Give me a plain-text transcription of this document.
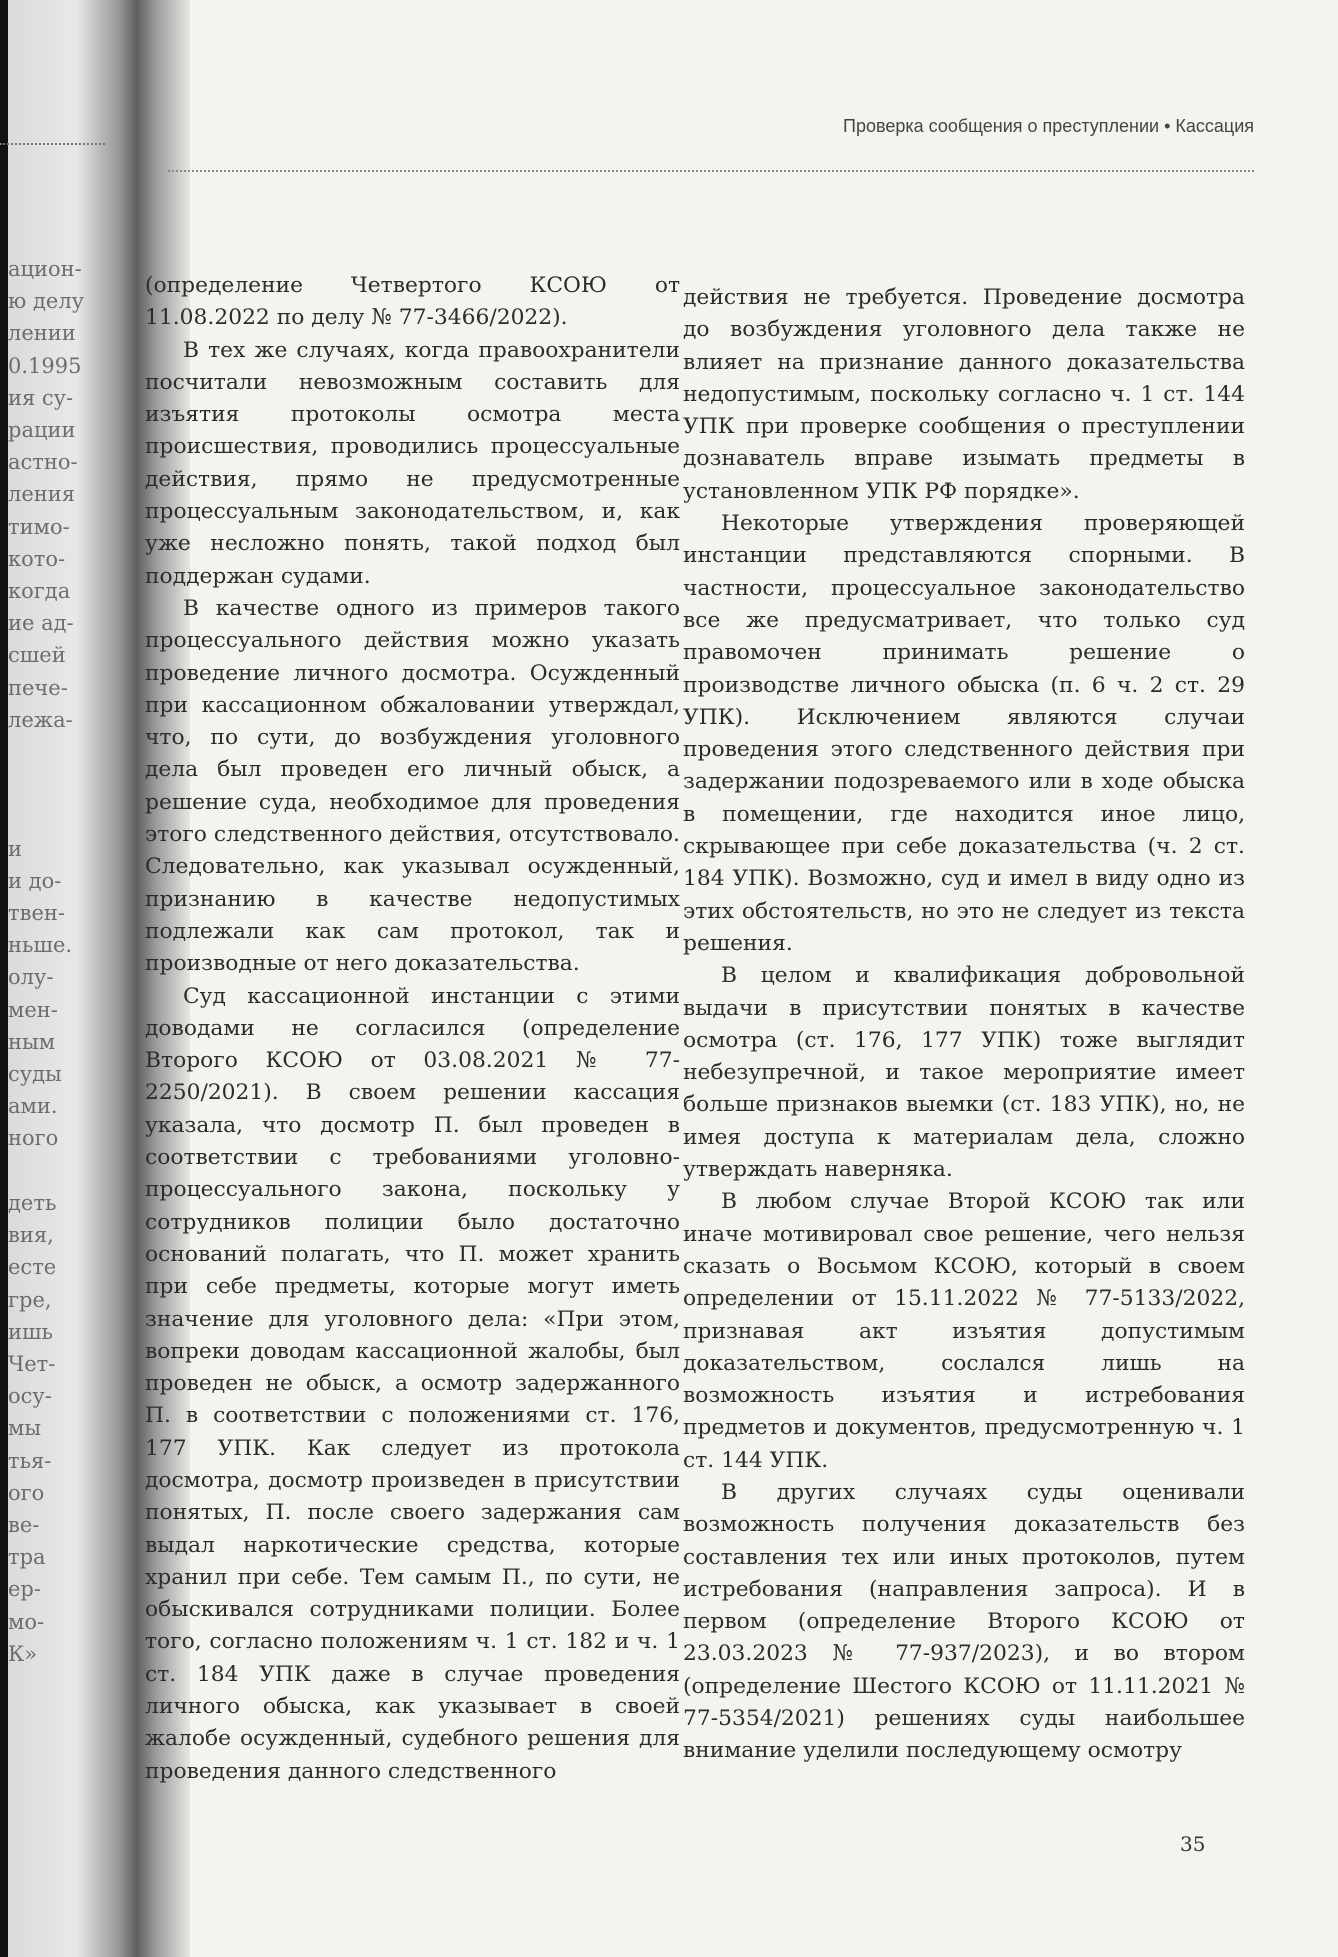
Проверка сообщения о преступлении • Кассация
ацион-
ю делу
лении
0.1995
ия су-
рации
астно-
ления
тимо-
кото-
когда
ие ад-
сшей
пече-
лежа-

и
и до-
твен-
ньше.
олу-
мен-
ным
суды
ами.
ного

деть
вия,
есте
гре,
ишь
Чет-
осу-
мы
тья-
ого
ве-
тра
ер-
мо-
К»

(определение Четвертого КСОЮ от 11.08.2022 по делу № 77-3466/2022).

В тех же случаях, когда правоохранители посчитали невозможным составить для изъятия протоколы осмотра места происшествия, проводились процессуальные действия, прямо не предусмотренные процессуальным законодательством, и, как уже несложно понять, такой подход был поддержан судами.

В качестве одного из примеров такого процессуального действия можно указать проведение личного досмотра. Осужденный при кассационном обжаловании утверждал, что, по сути, до возбуждения уголовного дела был проведен его личный обыск, а решение суда, необходимое для проведения этого следственного действия, отсутствовало. Следовательно, как указывал осужденный, признанию в качестве недопустимых подлежали как сам протокол, так и производные от него доказательства.

Суд кассационной инстанции с этими доводами не согласился (определение Второго КСОЮ от 03.08.2021 № 77-2250/2021). В своем решении кассация указала, что досмотр П. был проведен в соответствии с требованиями уголовно-процессуального закона, поскольку у сотрудников полиции было достаточно оснований полагать, что П. может хранить при себе предметы, которые могут иметь значение для уголовного дела: «При этом, вопреки доводам кассационной жалобы, был проведен не обыск, а осмотр задержанного П. в соответствии с положениями ст. 176, 177 УПК. Как следует из протокола досмотра, досмотр произведен в присутствии понятых, П. после своего задержания сам выдал наркотические средства, которые хранил при себе. Тем самым П., по сути, не обыскивался сотрудниками полиции. Более того, согласно положениям ч. 1 ст. 182 и ч. 1 ст. 184 УПК даже в случае проведения личного обыска, как указывает в своей жалобе осужденный, судебного решения для проведения данного следственного

действия не требуется. Проведение досмотра до возбуждения уголовного дела также не влияет на признание данного доказательства недопустимым, поскольку согласно ч. 1 ст. 144 УПК при проверке сообщения о преступлении дознаватель вправе изымать предметы в установленном УПК РФ порядке».

Некоторые утверждения проверяющей инстанции представляются спорными. В частности, процессуальное законодательство все же предусматривает, что только суд правомочен принимать решение о производстве личного обыска (п. 6 ч. 2 ст. 29 УПК). Исключением являются случаи проведения этого следственного действия при задержании подозреваемого или в ходе обыска в помещении, где находится иное лицо, скрывающее при себе доказательства (ч. 2 ст. 184 УПК). Возможно, суд и имел в виду одно из этих обстоятельств, но это не следует из текста решения.

В целом и квалификация добровольной выдачи в присутствии понятых в качестве осмотра (ст. 176, 177 УПК) тоже выглядит небезупречной, и такое мероприятие имеет больше признаков выемки (ст. 183 УПК), но, не имея доступа к материалам дела, сложно утверждать наверняка.

В любом случае Второй КСОЮ так или иначе мотивировал свое решение, чего нельзя сказать о Восьмом КСОЮ, который в своем определении от 15.11.2022 № 77-5133/2022, признавая акт изъятия допустимым доказательством, сослался лишь на возможность изъятия и истребования предметов и документов, предусмотренную ч. 1 ст. 144 УПК.

В других случаях суды оценивали возможность получения доказательств без составления тех или иных протоколов, путем истребования (направления запроса). И в первом (определение Второго КСОЮ от 23.03.2023 № 77-937/2023), и во втором (определение Шестого КСОЮ от 11.11.2021 № 77-5354/2021) решениях суды наибольшее внимание уделили последующему осмотру

35
